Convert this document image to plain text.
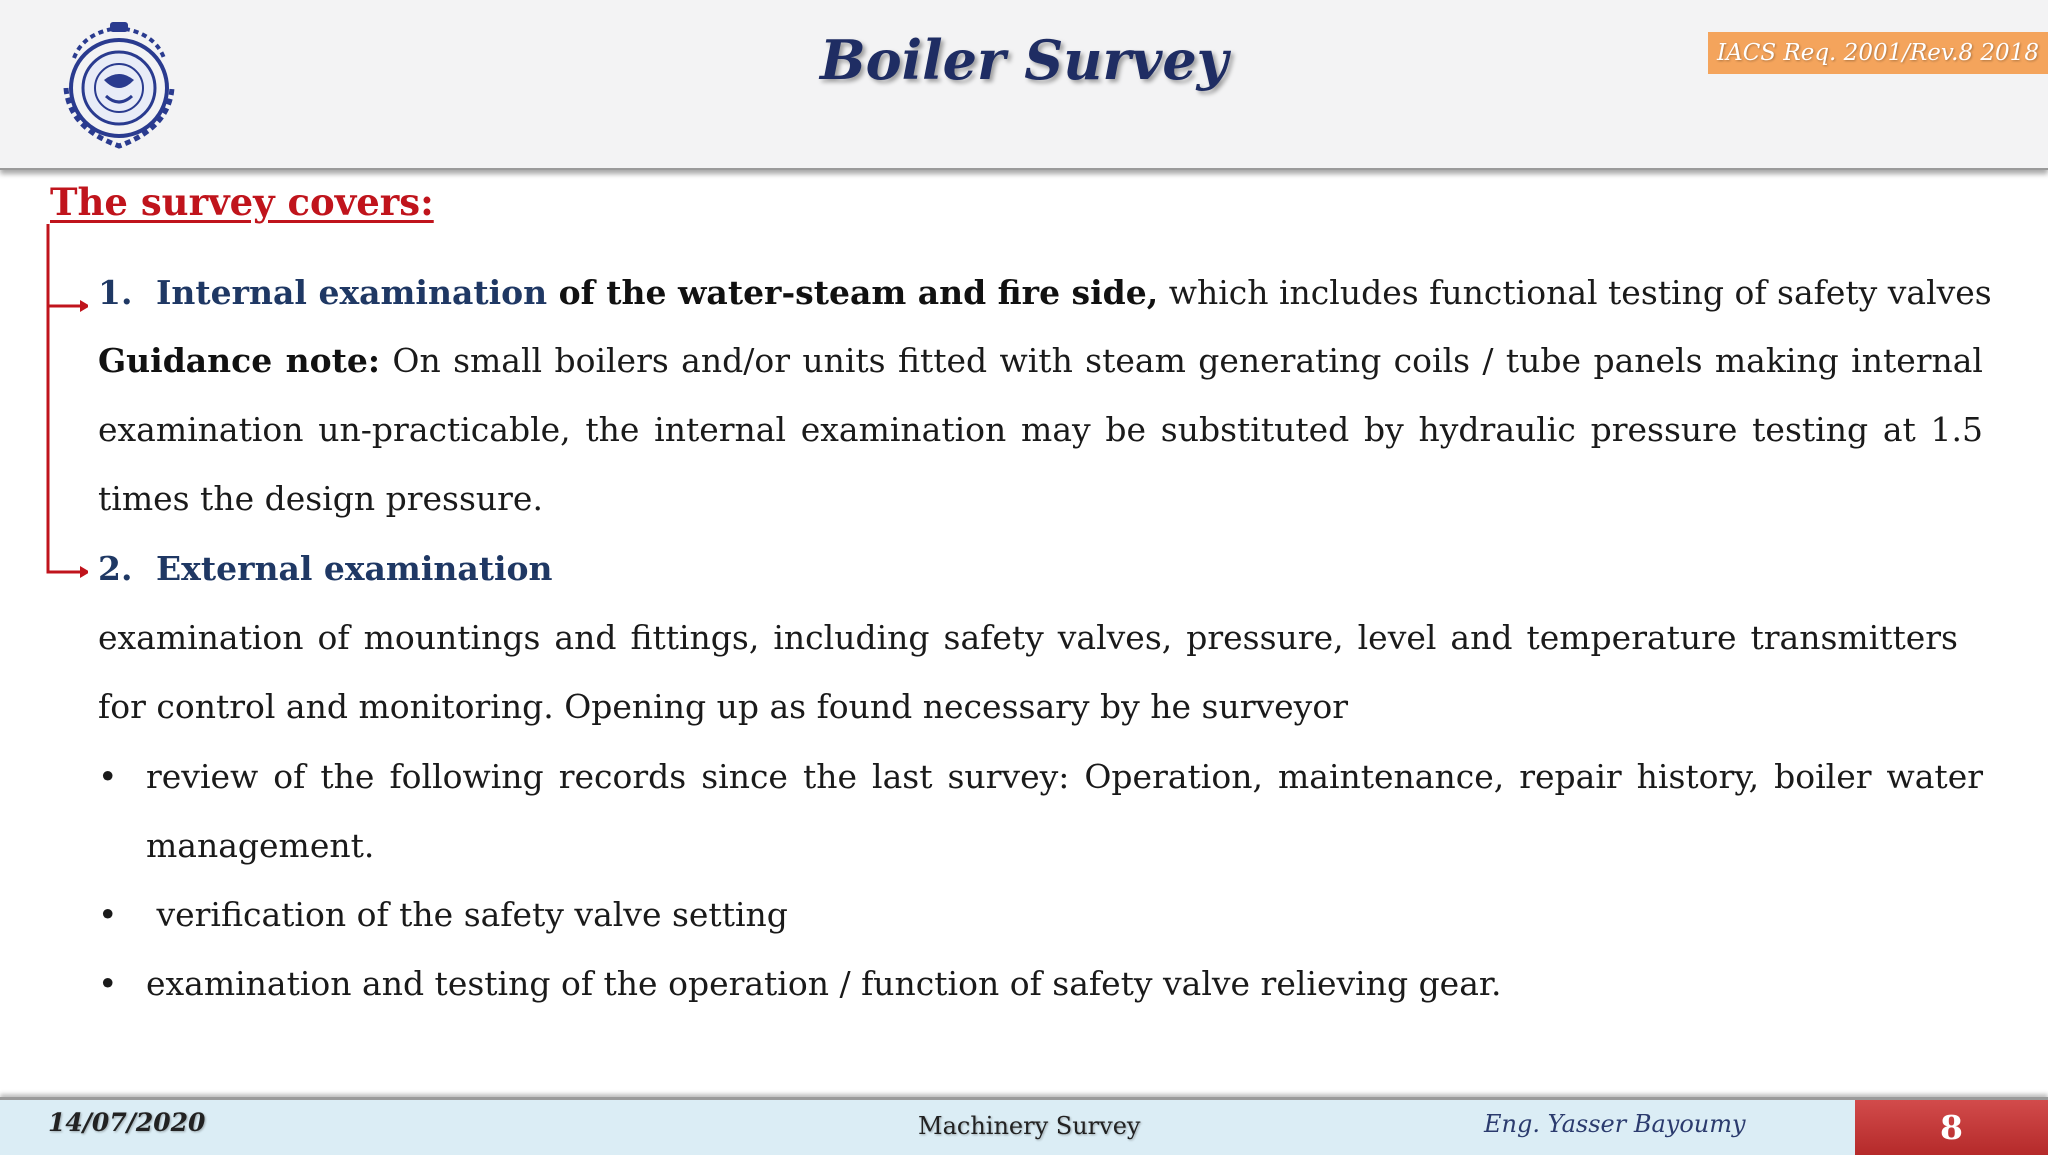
Boiler Survey	IACS Req. 2001/Rev.8 2018
The survey covers:
1. Internal examination of the water-steam and fire side, which includes functional testing of safety valves
Guidance note: On small boilers and/or units fitted with steam generating coils / tube panels making internal examination un-practicable, the internal examination may be substituted by hydraulic pressure testing at 1.5 times the design pressure.
2. External examination
examination of mountings and fittings, including safety valves, pressure, level and temperature transmitters for control and monitoring. Opening up as found necessary by he surveyor
• review of the following records since the last survey: Operation, maintenance, repair history, boiler water management.
• verification of the safety valve setting
• examination and testing of the operation / function of safety valve relieving gear.
14/07/2020	Machinery Survey	Eng. Yasser Bayoumy	8
